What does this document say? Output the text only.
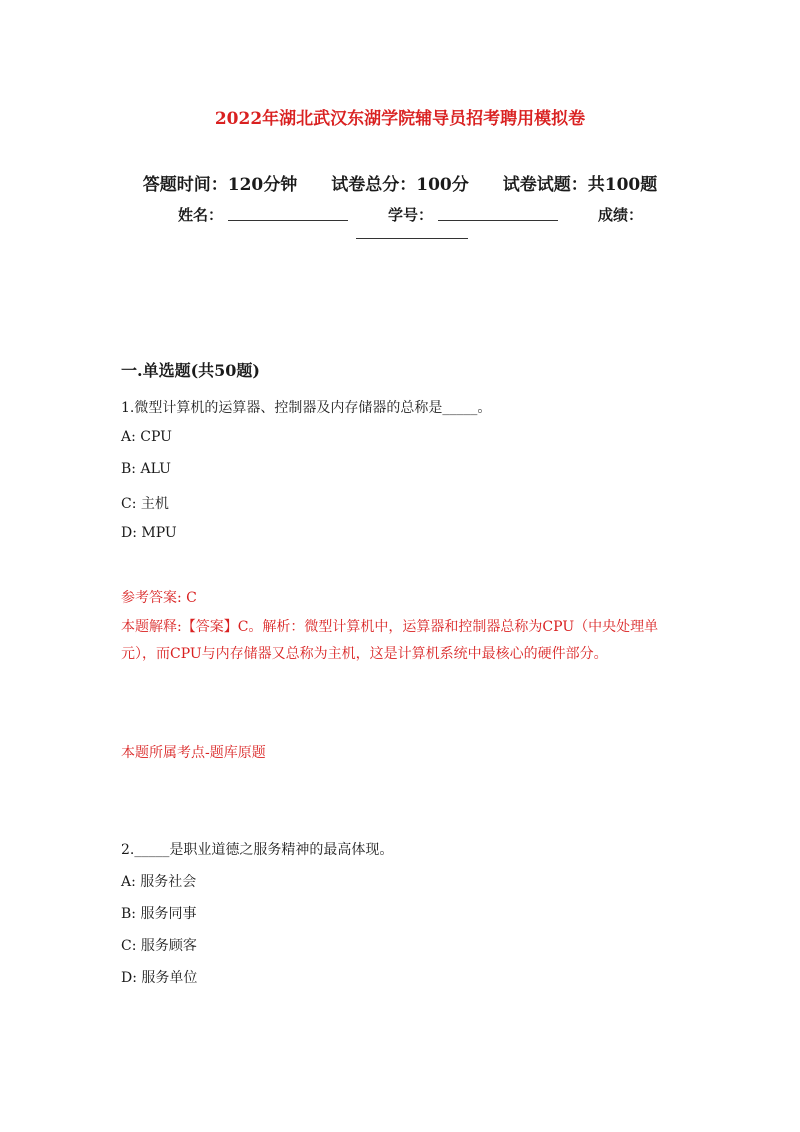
2022年湖北武汉东湖学院辅导员招考聘用模拟卷
答题时间：120分钟 试卷总分：100分 试卷试题：共100题
姓名：	学号：	成绩：
一.单选题(共50题)
1.微型计算机的运算器、控制器及内存储器的总称是_____。
A: CPU
B: ALU
C: 主机
D: MPU
参考答案: C
本题解释:【答案】C。解析：微型计算机中，运算器和控制器总称为CPU（中央处理单元），而CPU与内存储器又总称为主机，这是计算机系统中最核心的硬件部分。
本题所属考点-题库原题
2._____是职业道德之服务精神的最高体现。
A: 服务社会
B: 服务同事
C: 服务顾客
D: 服务单位
